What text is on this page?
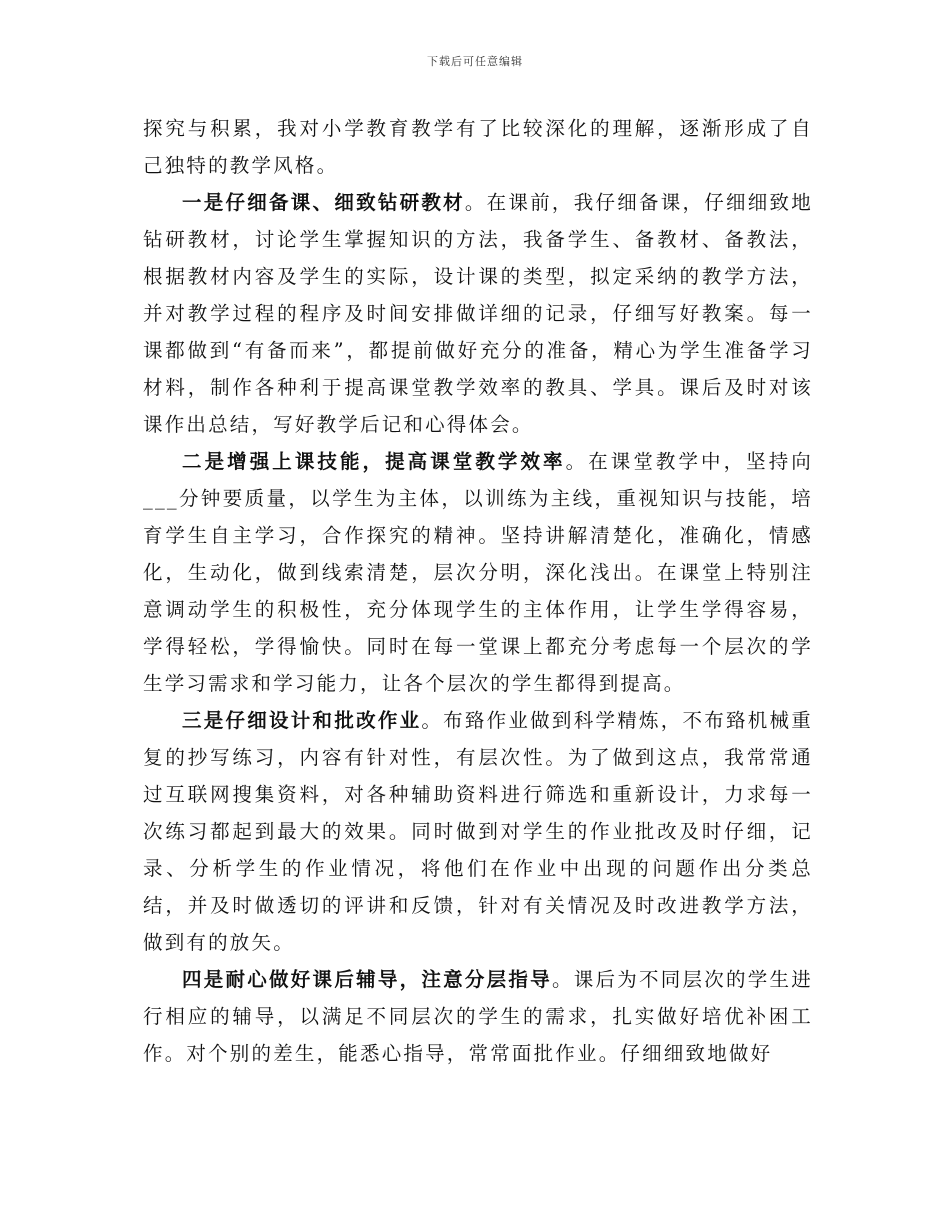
下载后可任意编辑

探究与积累，我对小学教育教学有了比较深化的理解，逐渐形成了自己独特的教学风格。

一是仔细备课、细致钻研教材。在课前，我仔细备课，仔细细致地钻研教材，讨论学生掌握知识的方法，我备学生、备教材、备教法，根据教材内容及学生的实际，设计课的类型，拟定采纳的教学方法，并对教学过程的程序及时间安排做详细的记录，仔细写好教案。每一课都做到“有备而来”，都提前做好充分的准备，精心为学生准备学习材料，制作各种利于提高课堂教学效率的教具、学具。课后及时对该课作出总结，写好教学后记和心得体会。

二是增强上课技能，提高课堂教学效率。在课堂教学中，坚持向___分钟要质量，以学生为主体，以训练为主线，重视知识与技能，培育学生自主学习，合作探究的精神。坚持讲解清楚化，准确化，情感化，生动化，做到线索清楚，层次分明，深化浅出。在课堂上特别注意调动学生的积极性，充分体现学生的主体作用，让学生学得容易，学得轻松，学得愉快。同时在每一堂课上都充分考虑每一个层次的学生学习需求和学习能力，让各个层次的学生都得到提高。

三是仔细设计和批改作业。布臵作业做到科学精炼，不布臵机械重复的抄写练习，内容有针对性，有层次性。为了做到这点，我常常通过互联网搜集资料，对各种辅助资料进行筛选和重新设计，力求每一次练习都起到最大的效果。同时做到对学生的作业批改及时仔细，记录、分析学生的作业情况，将他们在作业中出现的问题作出分类总结，并及时做透切的评讲和反馈，针对有关情况及时改进教学方法，做到有的放矢。

四是耐心做好课后辅导，注意分层指导。课后为不同层次的学生进行相应的辅导，以满足不同层次的学生的需求，扎实做好培优补困工作。对个别的差生，能悉心指导，常常面批作业。仔细细致地做好
